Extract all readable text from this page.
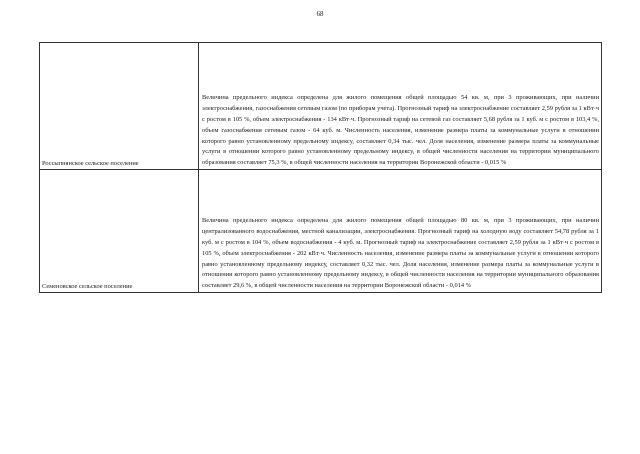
68
Россыпнянское сельское поселение	Величина предельного индекса определена для жилого помещения общей площадью 54 кв. м, при 3 проживающих, при наличии электроснабжения, газоснабжения сетевым газом (по приборам учета). Прогнозный тариф на электроснабжение составляет 2,59 рубля за 1 кВт·ч с ростом в 105 %, объем электроснабжения - 134 кВт·ч. Прогнозный тариф на сетевой газ составляет 5,68 рубля за 1 куб. м с ростом в 103,4 %, объем газоснабжения сетевым газом - 64 куб. м. Численность населения, изменение размера платы за коммунальные услуги в отношении которого равно установленному предельному индексу, составляет 0,34 тыс. чел. Доля населения, изменение размера платы за коммунальные услуги в отношении которого равно установленному предельному индексу, в общей численности населения на территории муниципального образования составляет 75,3 %, в общей численности населения на территории Воронежской области - 0,015 %

Семеновское сельское поселение	Величина предельного индекса определена для жилого помещения общей площадью 80 кв. м, при 3 проживающих, при наличии централизованного водоснабжения, местной канализации, электроснабжения. Прогнозный тариф на холодную воду составляет 54,78 рубля за 1 куб. м с ростом в 104 %, объем водоснабжения - 4 куб. м. Прогнозный тариф на электроснабжение составляет 2,59 рубля за 1 кВт·ч с ростом в 105 %, объем электроснабжения - 202 кВт·ч. Численность населения, изменение размера платы за коммунальные услуги в отношении которого равно установленному предельному индексу, составляет 0,32 тыс. чел. Доля населения, изменение размера платы за коммунальные услуги в отношении которого равно установленному предельному индексу, в общей численности населения на территории муниципального образования составляет 29,6 %, в общей численности населения на территории Воронежской области - 0,014 %
